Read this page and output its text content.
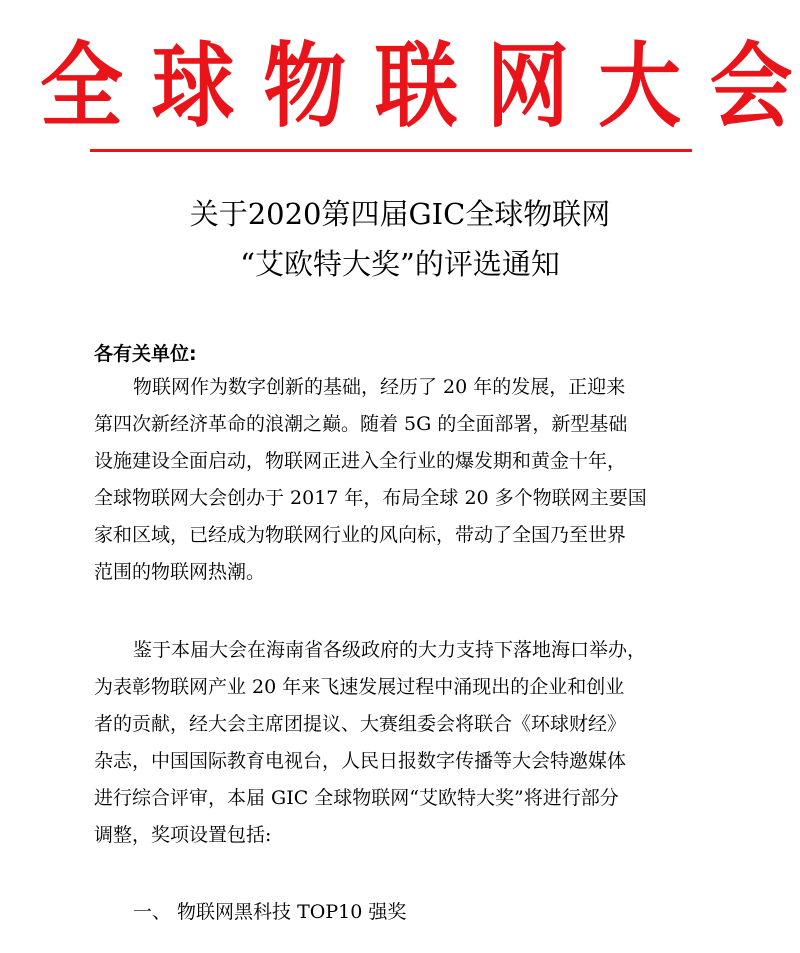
全 球 物 联 网 大 会
关于2020第四届GIC全球物联网
“艾欧特大奖”的评选通知
各有关单位:
物联网作为数字创新的基础，经历了 20 年的发展，正迎来
第四次新经济革命的浪潮之巅。随着 5G 的全面部署，新型基础
设施建设全面启动，物联网正进入全行业的爆发期和黄金十年，
全球物联网大会创办于 2017 年，布局全球 20 多个物联网主要国
家和区域，已经成为物联网行业的风向标，带动了全国乃至世界
范围的物联网热潮。
鉴于本届大会在海南省各级政府的大力支持下落地海口举办，
为表彰物联网产业 20 年来飞速发展过程中涌现出的企业和创业
者的贡献，经大会主席团提议、大赛组委会将联合《环球财经》
杂志，中国国际教育电视台，人民日报数字传播等大会特邀媒体
进行综合评审，本届 GIC 全球物联网“艾欧特大奖”将进行部分
调整，奖项设置包括:
一、 物联网黑科技 TOP10 强奖
